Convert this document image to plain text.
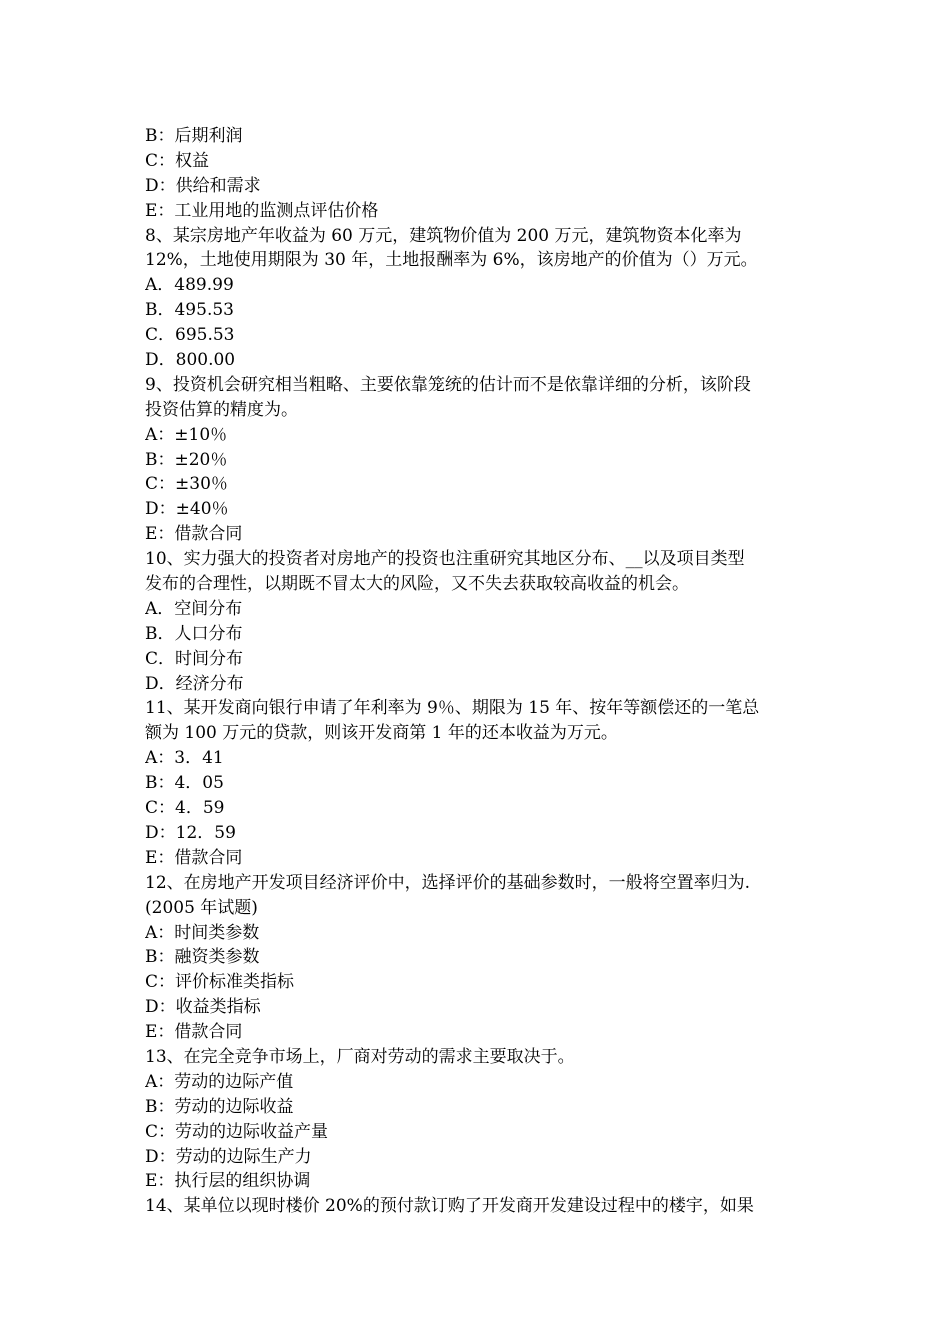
B：后期利润
C：权益
D：供给和需求
E：工业用地的监测点评估价格
8、某宗房地产年收益为 60 万元，建筑物价值为 200 万元，建筑物资本化率为
12%，土地使用期限为 30 年，土地报酬率为 6%，该房地产的价值为（）万元。
A．489.99
B．495.53
C．695.53
D．800.00
9、投资机会研究相当粗略、主要依靠笼统的估计而不是依靠详细的分析，该阶段
投资估算的精度为。
A：±10％
B：±20％
C：±30％
D：±40％
E：借款合同
10、实力强大的投资者对房地产的投资也注重研究其地区分布、__以及项目类型
发布的合理性，以期既不冒太大的风险，又不失去获取较高收益的机会。
A．空间分布
B．人口分布
C．时间分布
D．经济分布
11、某开发商向银行申请了年利率为 9％、期限为 15 年、按年等额偿还的一笔总
额为 100 万元的贷款，则该开发商第 1 年的还本收益为万元。
A：3．41
B：4．05
C：4．59
D：12．59
E：借款合同
12、在房地产开发项目经济评价中，选择评价的基础参数时，一般将空置率归为.
(2005 年试题)
A：时间类参数
B：融资类参数
C：评价标准类指标
D：收益类指标
E：借款合同
13、在完全竞争市场上，厂商对劳动的需求主要取决于。
A：劳动的边际产值
B：劳动的边际收益
C：劳动的边际收益产量
D：劳动的边际生产力
E：执行层的组织协调
14、某单位以现时楼价 20%的预付款订购了开发商开发建设过程中的楼宇，如果
